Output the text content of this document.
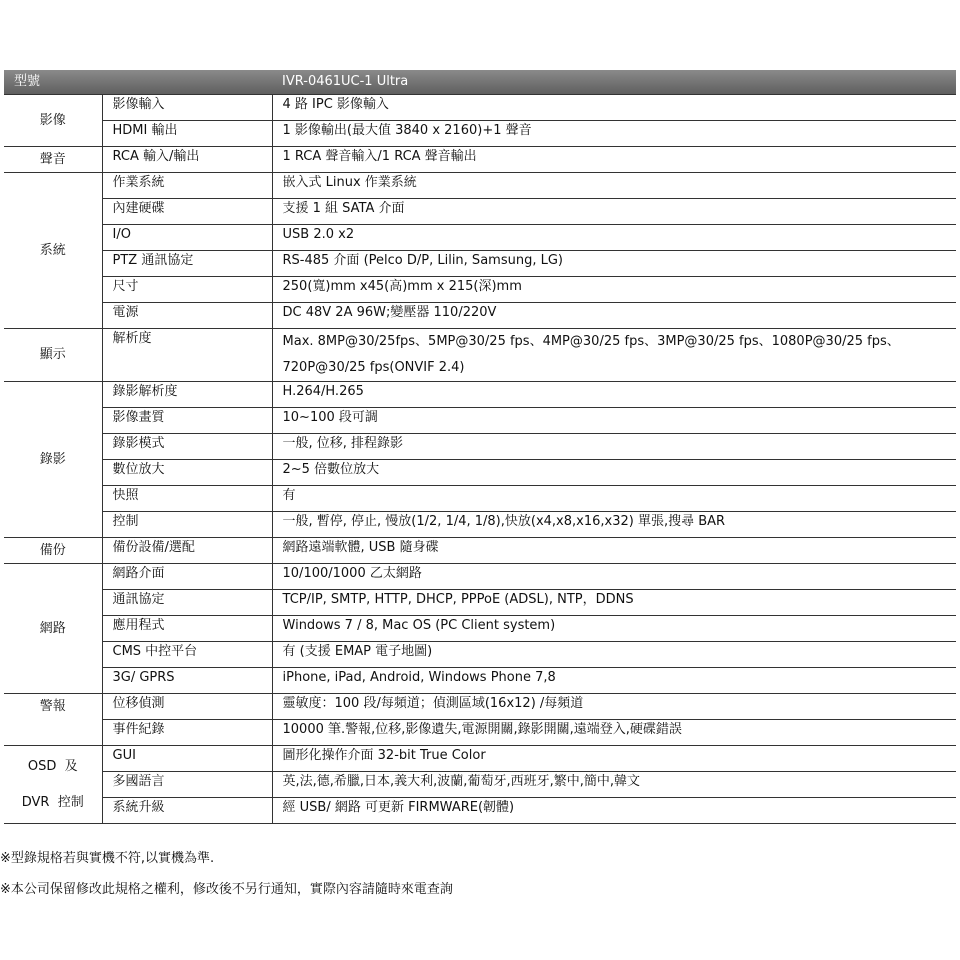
型號		IVR-0461UC-1 Ultra
影像	影像輸入	4 路 IPC 影像輸入
	HDMI 輸出	1 影像輸出(最大值 3840 x 2160)+1 聲音
聲音	RCA 輸入/輸出	1 RCA 聲音輸入/1 RCA 聲音輸出
系統	作業系統	嵌入式 Linux 作業系統
	內建硬碟	支援 1 組 SATA 介面
	I/O	USB 2.0 x2
	PTZ 通訊協定	RS-485 介面 (Pelco D/P, Lilin, Samsung, LG)
	尺寸	250(寬)mm x45(高)mm x 215(深)mm
	電源	DC 48V 2A 96W;變壓器 110/220V
顯示	解析度	Max. 8MP@30/25fps、5MP@30/25 fps、4MP@30/25 fps、3MP@30/25 fps、1080P@30/25 fps、720P@30/25 fps(ONVIF 2.4)
錄影	錄影解析度	H.264/H.265
	影像畫質	10~100 段可調
	錄影模式	一般, 位移, 排程錄影
	數位放大	2~5 倍數位放大
	快照	有
	控制	一般, 暫停, 停止, 慢放(1/2, 1/4, 1/8),快放(x4,x8,x16,x32) 單張,搜尋 BAR
備份	備份設備/選配	網路遠端軟體, USB 隨身碟
網路	網路介面	10/100/1000 乙太網路
	通訊協定	TCP/IP, SMTP, HTTP, DHCP, PPPoE (ADSL), NTP，DDNS
	應用程式	Windows 7 / 8, Mac OS (PC Client system)
	CMS 中控平台	有 (支援 EMAP 電子地圖)
	3G/ GPRS	iPhone, iPad, Android, Windows Phone 7,8
警報	位移偵測	靈敏度：100 段/每頻道；偵測區域(16x12) /每頻道
	事件紀錄	10000 筆.警報,位移,影像遺失,電源開關,錄影開關,遠端登入,硬碟錯誤

OSD  及
DVR  控制	GUI	圖形化操作介面 32-bit True Color
	多國語言	英,法,德,希臘,日本,義大利,波蘭,葡萄牙,西班牙,繁中,簡中,韓文
	系統升級	經 USB/ 網路 可更新 FIRMWARE(韌體)
※型錄規格若與實機不符,以實機為準.
※本公司保留修改此規格之權利，修改後不另行通知，實際內容請隨時來電查詢
